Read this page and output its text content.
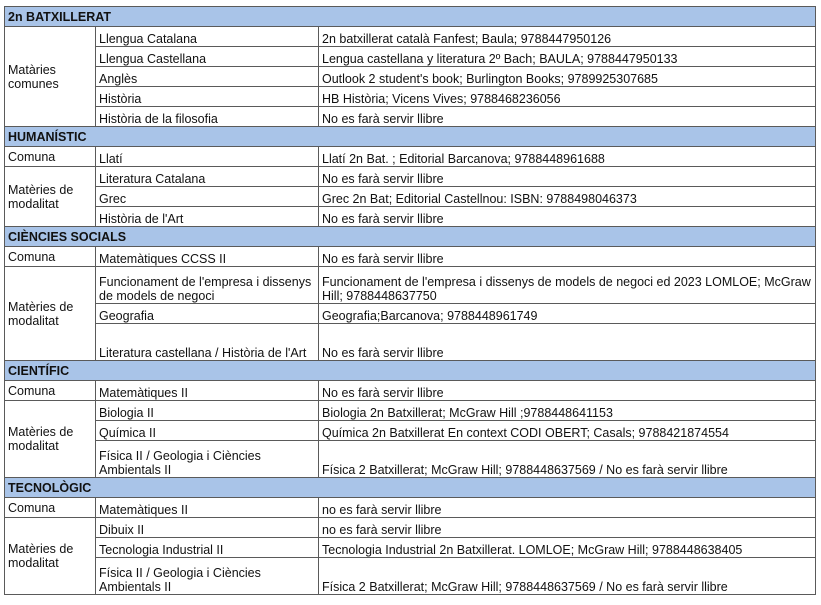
2n BATXILLERAT		
Matàries comunes	Llengua Catalana	2n batxillerat català Fanfest; Baula; 9788447950126
	Llengua Castellana	Lengua castellana y literatura 2º Bach; BAULA; 9788447950133
	Anglès	Outlook 2 student's book; Burlington Books; 9789925307685
	Història	HB Història; Vicens Vives; 9788468236056
	Història de la filosofia	No es farà servir llibre
HUMANÍSTIC		
Comuna	Llatí	Llatí 2n Bat. ; Editorial Barcanova; 9788448961688
Matèries de modalitat	Literatura Catalana	No es farà servir llibre
	Grec	Grec 2n Bat; Editorial Castellnou: ISBN: 9788498046373
	Història de l'Art	No es farà servir llibre
CIÈNCIES SOCIALS		
Comuna	Matemàtiques CCSS II	No es farà servir llibre
Matèries de modalitat	Funcionament de l'empresa i dissenys de models de negoci	Funcionament de l'empresa i dissenys de models de negoci ed 2023 LOMLOE; McGraw Hill; 9788448637750
	Geografia	Geografia;Barcanova; 9788448961749
	Literatura castellana / Història de l'Art	No es farà servir llibre
CIENTÍFIC		
Comuna	Matemàtiques II	No es farà servir llibre
Matèries de modalitat	Biologia II	Biologia 2n Batxillerat; McGraw Hill ;9788448641153
	Química II	Química 2n Batxillerat En context CODI OBERT; Casals; 9788421874554
	Física II / Geologia i Ciències Ambientals II	Física 2 Batxillerat; McGraw Hill; 9788448637569 / No es farà servir llibre
TECNOLÒGIC		
Comuna	Matemàtiques II	no es farà servir llibre
Matèries de modalitat	Dibuix II	no es farà servir llibre
	Tecnologia Industrial II	Tecnologia Industrial 2n Batxillerat. LOMLOE; McGraw Hill; 9788448638405
	Física II / Geologia i Ciències Ambientals II	Física 2 Batxillerat; McGraw Hill; 9788448637569 / No es farà servir llibre
